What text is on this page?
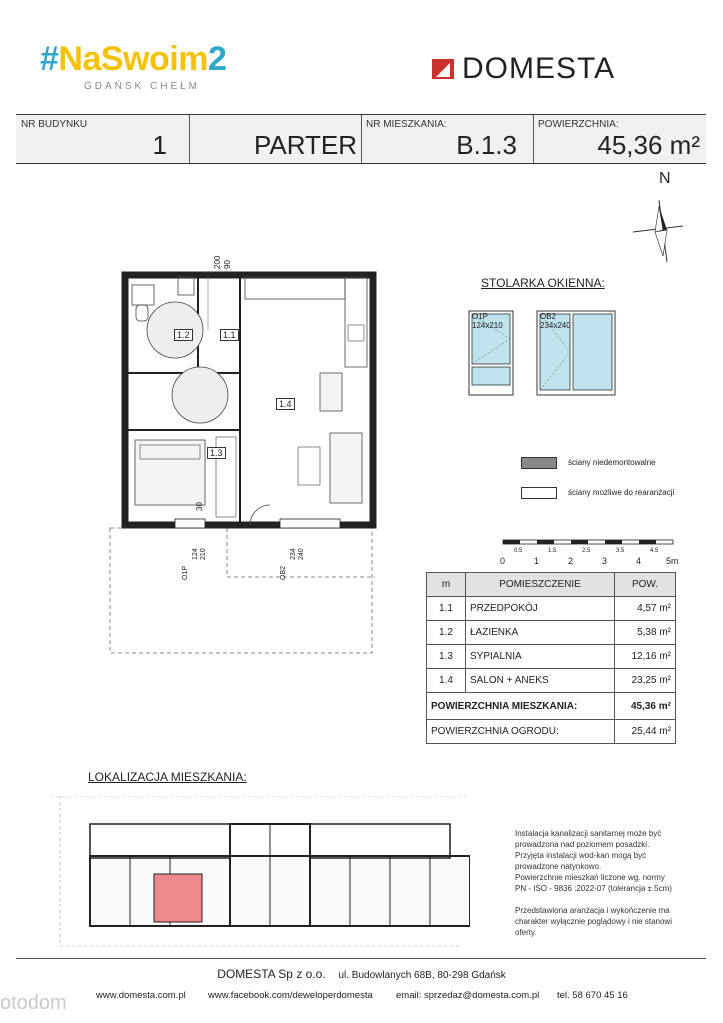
#NaSwoim2
GDAŃSK CHEŁM
DOMESTA
NR BUDYNKU
1	PARTER
NR MIESZKANIA:
B.1.3
POWIERZCHNIA:
45,36 m²
N
1.2	1.1
1.3
1.4
200 90
30
O1P
124 210
OB2
234 240
STOLARKA OKIENNA:
O1P
124x210
OB2
234x240
ściany niedemontowalne
ściany możliwe do rearanżacji
0.5	1.5	2.5	3.5	4.5
0	1	2	3	4	5m
m	POMIESZCZENIE	POW.
1.1	PRZEDPOKÓJ	4,57 m²
1.2	ŁAZIENKA	5,38 m²
1.3	SYPIALNIA	12,16 m²
1.4	SALON + ANEKS	23,25 m²
POWIERZCHNIA MIESZKANIA:		45,36 m²
POWIERZCHNIA OGRODU:		25,44 m²
LOKALIZACJA MIESZKANIA:
Instalacja kanalizacji sanitarnej może być prowadzona nad poziomem posadzki. Przyjęta instalacji wod-kan mogą być prowadzone natynkowo.
Powierzchnie mieszkań liczone wg. normy PN - ISO - 9836 :2022-07 (tolerancja ± 5cm)
Przedstawiona aranżacja i wykończenie ma charakter wyłącznie poglądowy i nie stanowi oferty.
DOMESTA Sp z o.o. ul. Budowlanych 68B, 80-298 Gdańsk
www.domesta.com.pl www.facebook.com/deweloperdomesta email: sprzedaz@domesta.com.pl tel. 58 670 45 16
otodom
